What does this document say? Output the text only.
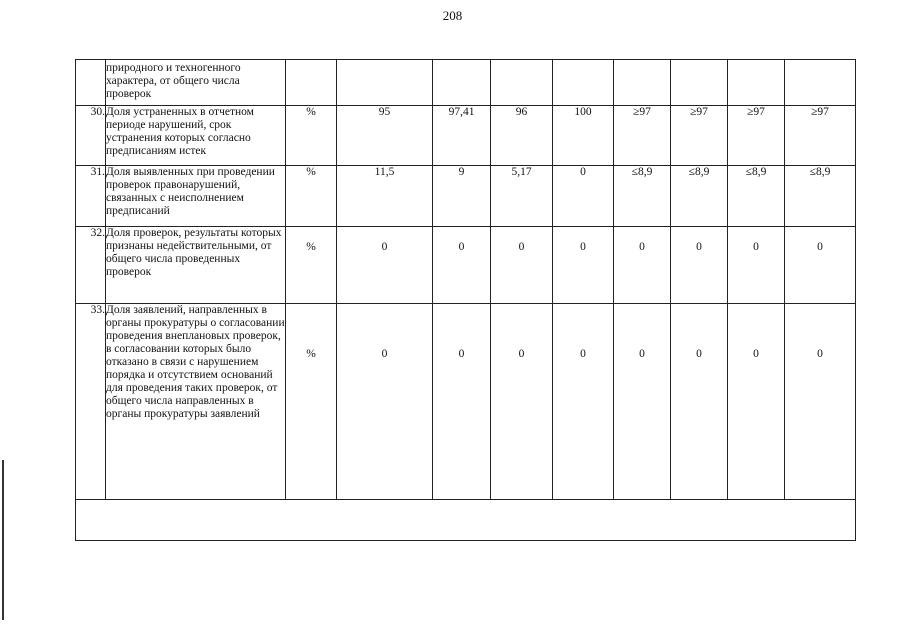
208
	природного и техногенного характера, от общего числа проверок									
30.	Доля устраненных в отчетном периоде нарушений, срок устранения которых согласно предписаниям истек	%	95	97,41	96	100	≥97	≥97	≥97	≥97
31.	Доля выявленных при проведении проверок правонарушений, связанных с неисполнением предписаний	%	11,5	9	5,17	0	≤8,9	≤8,9	≤8,9	≤8,9
32.	Доля проверок, результаты которых признаны недействительными, от общего числа проведенных проверок	%	0	0	0	0	0	0	0	0
33.	Доля заявлений, направленных в органы прокуратуры о согласовании проведения внеплановых проверок, в согласовании которых было отказано в связи с нарушением порядка и отсутствием оснований для проведения таких проверок, от общего числа направленных в органы прокуратуры заявлений	%	0	0	0	0	0	0	0	0
